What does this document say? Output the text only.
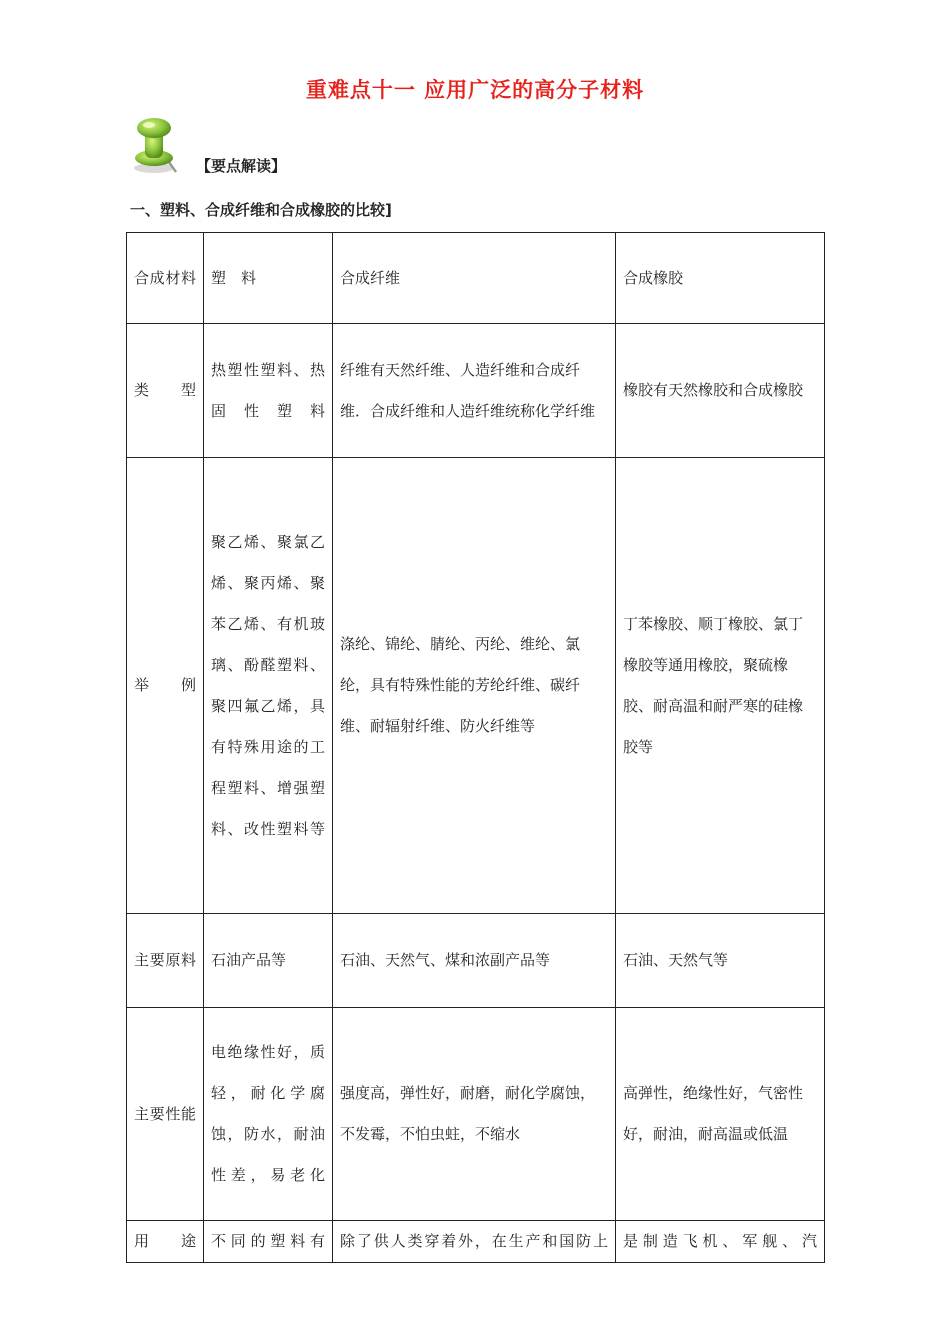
重难点十一 应用广泛的高分子材料
【要点解读】
一、塑料、合成纤维和合成橡胶的比较]
合成材料	塑　料	合成纤维	合成橡胶
类　型	热塑性塑料、热固性塑料	纤维有天然纤维、人造纤维和合成纤维．合成纤维和人造纤维统称化学纤维	橡胶有天然橡胶和合成橡胶
举　例	聚乙烯、聚氯乙烯、聚丙烯、聚苯乙烯、有机玻璃、酚醛塑料、聚四氟乙烯，具有特殊用途的工程塑料、增强塑料、改性塑料等	涤纶、锦纶、腈纶、丙纶、维纶、氯纶，具有特殊性能的芳纶纤维、碳纤维、耐辐射纤维、防火纤维等	丁苯橡胶、顺丁橡胶、氯丁橡胶等通用橡胶，聚硫橡胶、耐高温和耐严寒的硅橡胶等
主要原料	石油产品等	石油、天然气、煤和浓副产品等	石油、天然气等
主要性能	电绝缘性好，质轻，耐化学腐蚀，防水，耐油性差，易老化	强度高，弹性好，耐磨，耐化学腐蚀，不发霉，不怕虫蛀，不缩水	高弹性，绝缘性好，气密性好，耐油，耐高温或低温
用　途	不同的塑料有	除了供人类穿着外，在生产和国防上	是制造飞机、军舰、汽
